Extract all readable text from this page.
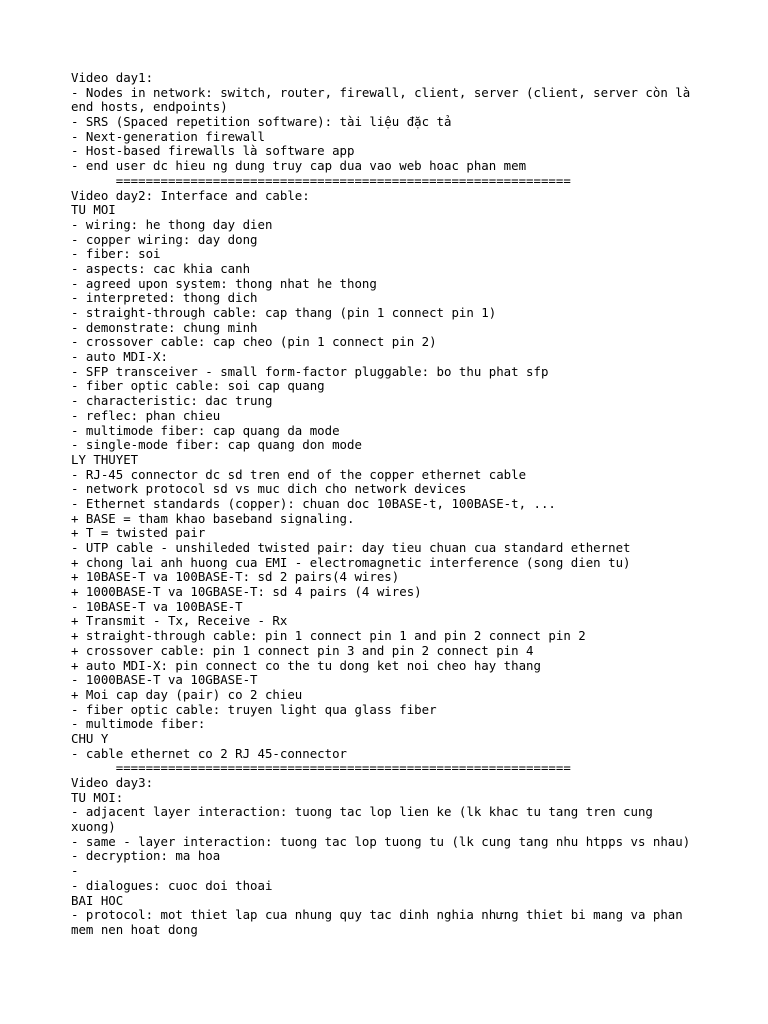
Video day1:
- Nodes in network: switch, router, firewall, client, server (client, server còn là
end hosts, endpoints)
- SRS (Spaced repetition software): tài liệu đặc tả
- Next-generation firewall
- Host-based firewalls là software app
- end user dc hieu ng dung truy cap dua vao web hoac phan mem
=============================================================
Video day2: Interface and cable:
TU MOI
- wiring: he thong day dien
- copper wiring: day dong
- fiber: soi
- aspects: cac khia canh
- agreed upon system: thong nhat he thong
- interpreted: thong dich
- straight-through cable: cap thang (pin 1 connect pin 1)
- demonstrate: chung minh
- crossover cable: cap cheo (pin 1 connect pin 2)
- auto MDI-X:
- SFP transceiver - small form-factor pluggable: bo thu phat sfp
- fiber optic cable: soi cap quang
- characteristic: dac trung
- reflec: phan chieu
- multimode fiber: cap quang da mode
- single-mode fiber: cap quang don mode
LY THUYET
- RJ-45 connector dc sd tren end of the copper ethernet cable
- network protocol sd vs muc dich cho network devices
- Ethernet standards (copper): chuan doc 10BASE-t, 100BASE-t, ...
+ BASE = tham khao baseband signaling.
+ T = twisted pair
- UTP cable - unshileded twisted pair: day tieu chuan cua standard ethernet
+ chong lai anh huong cua EMI - electromagnetic interference (song dien tu)
+ 10BASE-T va 100BASE-T: sd 2 pairs(4 wires)
+ 1000BASE-T va 10GBASE-T: sd 4 pairs (4 wires)
- 10BASE-T va 100BASE-T
+ Transmit - Tx, Receive - Rx
+ straight-through cable: pin 1 connect pin 1 and pin 2 connect pin 2
+ crossover cable: pin 1 connect pin 3 and pin 2 connect pin 4
+ auto MDI-X: pin connect co the tu dong ket noi cheo hay thang
- 1000BASE-T va 10GBASE-T
+ Moi cap day (pair) co 2 chieu
- fiber optic cable: truyen light qua glass fiber
- multimode fiber:
CHU Y
- cable ethernet co 2 RJ 45-connector
=============================================================
Video day3:
TU MOI:
- adjacent layer interaction: tuong tac lop lien ke (lk khac tu tang tren cung
xuong)
- same - layer interaction: tuong tac lop tuong tu (lk cung tang nhu htpps vs nhau)
- decryption: ma hoa
-
- dialogues: cuoc doi thoai
BAI HOC
- protocol: mot thiet lap cua nhung quy tac dinh nghia nhưng thiet bi mang va phan
mem nen hoat dong
